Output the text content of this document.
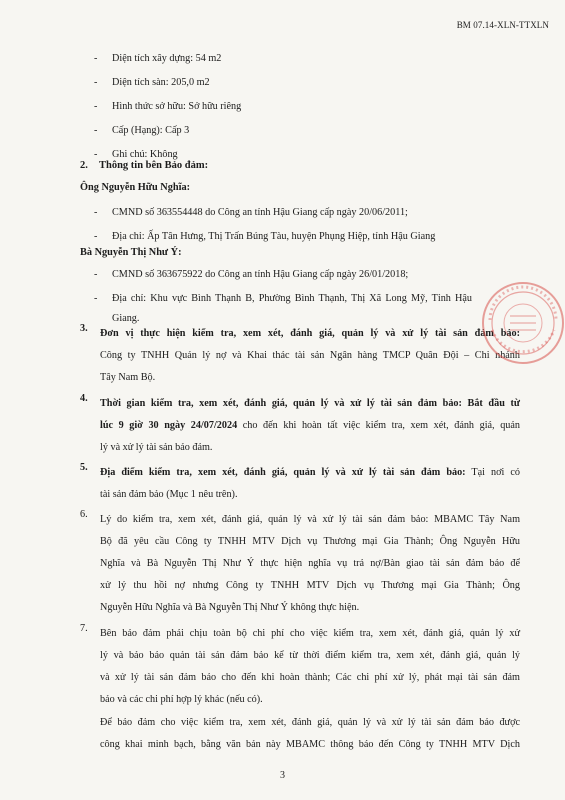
BM 07.14-XLN-TTXLN
- Diện tích xây dựng: 54 m2
- Diện tích sàn: 205,0 m2
- Hình thức sở hữu: Sở hữu riêng
- Cấp (Hạng): Cấp 3
- Ghi chú: Không
2. Thông tin bên Bảo đảm:
Ông Nguyễn Hữu Nghĩa:
- CMND số 363554448 do Công an tỉnh Hậu Giang cấp ngày 20/06/2011;
- Địa chỉ: Ấp Tân Hưng, Thị Trấn Búng Tàu, huyện Phụng Hiệp, tỉnh Hậu Giang
Bà Nguyễn Thị Như Ý:
- CMND số 363675922 do Công an tỉnh Hậu Giang cấp ngày 26/01/2018;
- Địa chỉ: Khu vực Bình Thạnh B, Phường Bình Thạnh, Thị Xã Long Mỹ, Tỉnh Hậu
Giang.
3. Đơn vị thực hiện kiểm tra, xem xét, đánh giá, quản lý và xử lý tài sản đảm bảo:
Công ty TNHH Quản lý nợ và Khai thác tài sản Ngân hàng TMCP Quân Đội – Chi nhánh
Tây Nam Bộ.
4. Thời gian kiểm tra, xem xét, đánh giá, quản lý và xử lý tài sản đảm bảo: Bắt đầu từ
lúc 9 giờ 30 ngày 24/07/2024 cho đến khi hoàn tất việc kiểm tra, xem xét, đánh giá, quản
lý và xử lý tài sản bảo đảm.
5. Địa điểm kiểm tra, xem xét, đánh giá, quản lý và xử lý tài sản đảm bảo: Tại nơi có
tài sản đảm bảo (Mục 1 nêu trên).
6. Lý do kiểm tra, xem xét, đánh giá, quản lý và xử lý tài sản đảm bảo: MBAMC Tây Nam
Bộ đã yêu cầu Công ty TNHH MTV Dịch vụ Thương mại Gia Thành; Ông Nguyễn Hữu
Nghĩa và Bà Nguyễn Thị Như Ý thực hiện nghĩa vụ trả nợ/Bàn giao tài sản đảm bảo để
xử lý thu hồi nợ nhưng Công ty TNHH MTV Dịch vụ Thương mại Gia Thành; Ông
Nguyễn Hữu Nghĩa và Bà Nguyễn Thị Như Ý không thực hiện.
7. Bên bảo đảm phải chịu toàn bộ chi phí cho việc kiểm tra, xem xét, đánh giá, quản lý xử
lý và bảo bảo quản tài sản đảm bảo kể từ thời điểm kiểm tra, xem xét, đánh giá, quản lý
và xử lý tài sản đảm bảo cho đến khi hoàn thành; Các chi phí xử lý, phát mại tài sản đảm
bảo và các chi phí hợp lý khác (nếu có).
Để bảo đảm cho việc kiểm tra, xem xét, đánh giá, quản lý và xử lý tài sản đảm bảo được
công khai minh bạch, bằng văn bản này MBAMC thông báo đến Công ty TNHH MTV Dịch
3
